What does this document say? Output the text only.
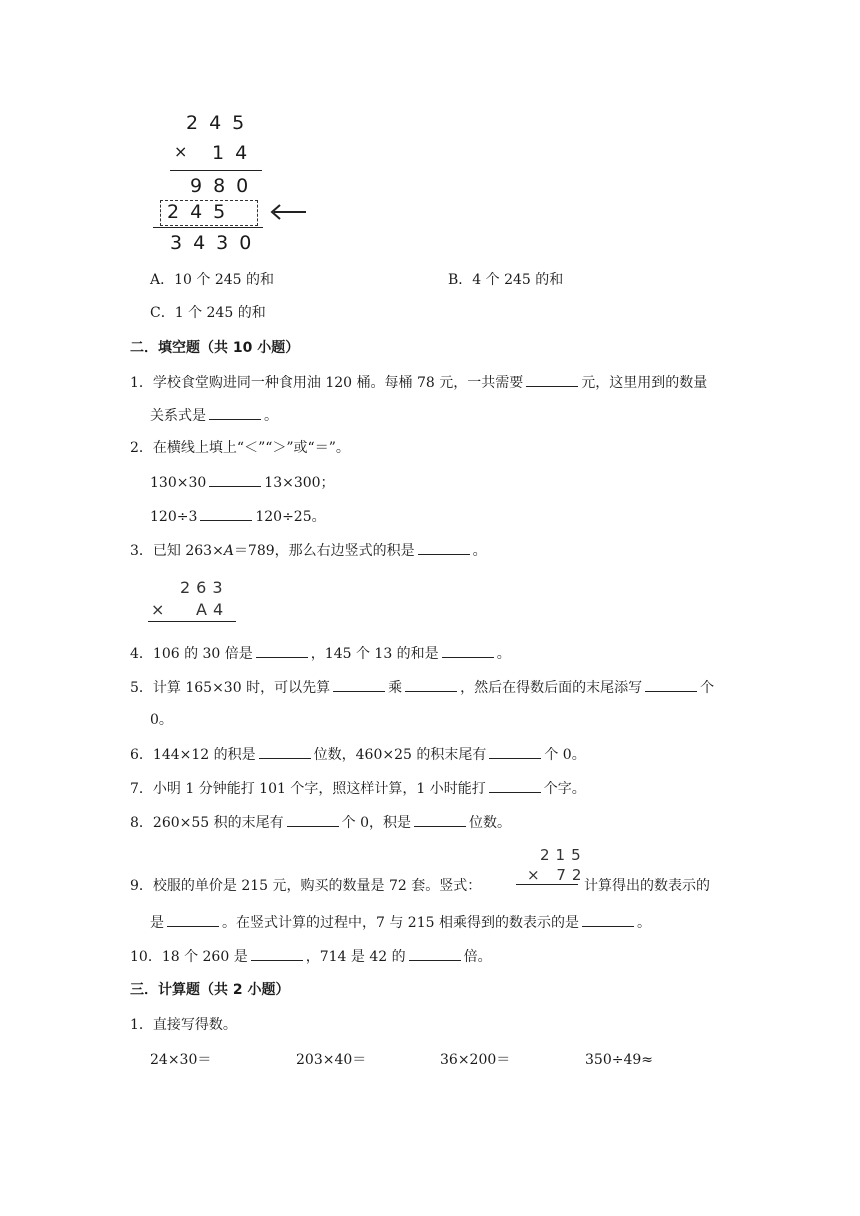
245
× 14
980
245
3430
A．10 个 245 的和	B．4 个 245 的和
C．1 个 245 的和
二．填空题（共 10 小题）
1．学校食堂购进同一种食用油 120 桶。每桶 78 元，一共需要	元，这里用到的数量
关系式是	。
2．在横线上填上“＜”“＞”或“＝”。
130×30	13×300；
120÷3	120÷25。
3．已知 263×A＝789，那么右边竖式的积是	。
263
× A4
4．106 的 30 倍是	，145 个 13 的和是	。
5．计算 165×30 时，可以先算	乘	，然后在得数后面的末尾添写	个
0。
6．144×12 的积是	位数，460×25 的积末尾有	个 0。
7．小明 1 分钟能打 101 个字，照这样计算，1 小时能打	个字。
8．260×55 积的末尾有	个 0，积是	位数。
215
× 72
9．校服的单价是 215 元，购买的数量是 72 套。竖式：	计算得出的数表示的
是	。在竖式计算的过程中，7 与 215 相乘得到的数表示的是	。
10．18 个 260 是	，714 是 42 的	倍。
三．计算题（共 2 小题）
1．直接写得数。
24×30＝	203×40＝	36×200＝	350÷49≈
